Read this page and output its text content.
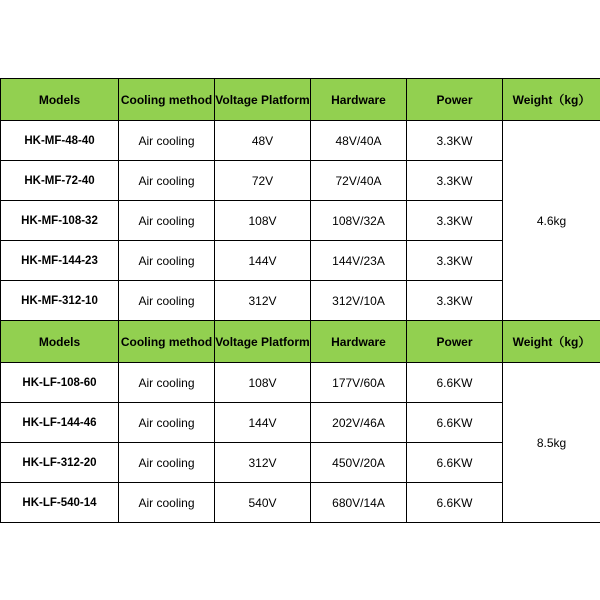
Models	Cooling method	Voltage Platform	Hardware	Power	Weight（kg）
HK-MF-48-40	Air cooling	48V	48V/40A	3.3KW	4.6kg
HK-MF-72-40	Air cooling	72V	72V/40A	3.3KW	
HK-MF-108-32	Air cooling	108V	108V/32A	3.3KW	
HK-MF-144-23	Air cooling	144V	144V/23A	3.3KW	
HK-MF-312-10	Air cooling	312V	312V/10A	3.3KW	
Models	Cooling method	Voltage Platform	Hardware	Power	Weight（kg）
HK-LF-108-60	Air cooling	108V	177V/60A	6.6KW	8.5kg
HK-LF-144-46	Air cooling	144V	202V/46A	6.6KW	
HK-LF-312-20	Air cooling	312V	450V/20A	6.6KW	
HK-LF-540-14	Air cooling	540V	680V/14A	6.6KW	
